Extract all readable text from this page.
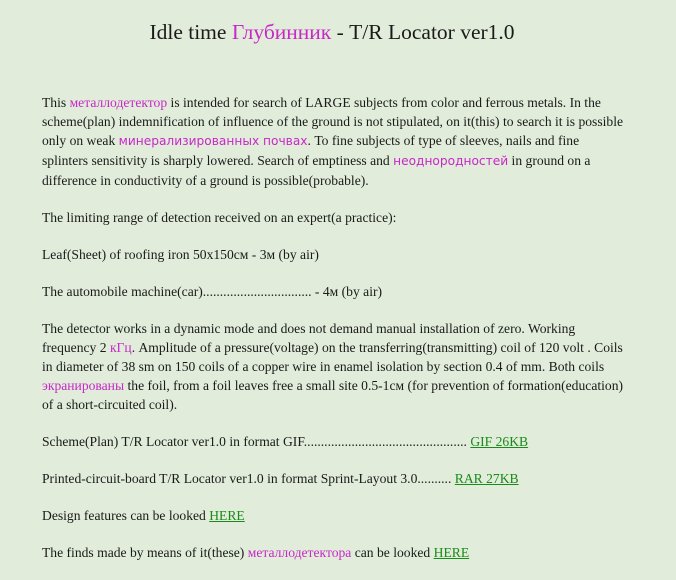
Idle time Глубинник - T/R Locator ver1.0

This металлодетектор is intended for search of LARGE subjects from color and ferrous metals. In the scheme(plan) indemnification of influence of the ground is not stipulated, on it(this) to search it is possible only on weak минерализированных почвах. To fine subjects of type of sleeves, nails and fine splinters sensitivity is sharply lowered. Search of emptiness and неоднородностей in ground on a difference in conductivity of a ground is possible(probable).

The limiting range of detection received on an expert(a practice):

Leaf(Sheet) of roofing iron 50x150см - 3м (by air)

The automobile machine(car)................................ - 4м (by air)

The detector works in a dynamic mode and does not demand manual installation of zero. Working frequency 2 кГц. Amplitude of a pressure(voltage) on the transferring(transmitting) coil of 120 volt . Coils in diameter of 38 sm on 150 coils of a copper wire in enamel isolation by section 0.4 of mm. Both coils экранированы the foil, from a foil leaves free a small site 0.5-1см (for prevention of formation(education) of a short-circuited coil).

Scheme(Plan) T/R Locator ver1.0 in format GIF................................................ GIF 26KB

Printed-circuit-board T/R Locator ver1.0 in format Sprint-Layout 3.0.......... RAR 27KB

Design features can be looked HERE

The finds made by means of it(these) металлодетектора can be looked HERE
